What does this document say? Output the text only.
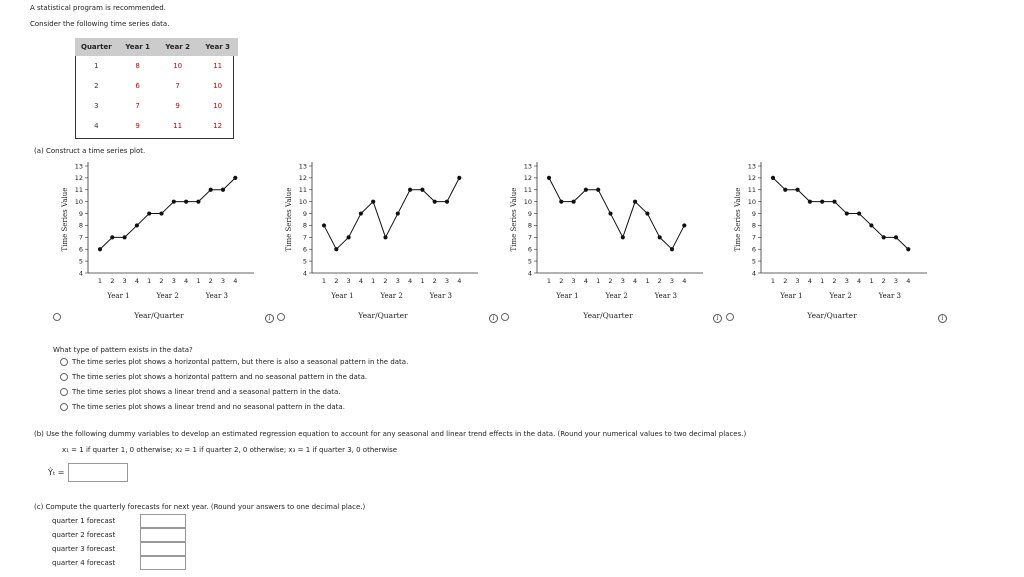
A statistical program is recommended.
Consider the following time series data.
Quarter	Year 1	Year 2	Year 3
1	8	10	11
2	6	7	10
3	7	9	10
4	9	11	12
(a) Construct a time series plot.
4
5
6
7
8
9
10
11
12
13
Time Series Value
1 2 3 4 1 2 3 4 1 2 3 4
Year 1	Year 2	Year 3
Year/Quarter
4
5
6
7
8
9
10
11
12
13
Time Series Value
1 2 3 4 1 2 3 4 1 2 3 4
Year 1	Year 2	Year 3
Year/Quarter
4
5
6
7
8
9
10
11
12
13
Time Series Value
1 2 3 4 1 2 3 4 1 2 3 4
Year 1	Year 2	Year 3
Year/Quarter
4
5
6
7
8
9
10
11
12
13
Time Series Value
1 2 3 4 1 2 3 4 1 2 3 4
Year 1	Year 2	Year 3
Year/Quarter
i	i	i	i
What type of pattern exists in the data?
The time series plot shows a horizontal pattern, but there is also a seasonal pattern in the data.
The time series plot shows a horizontal pattern and no seasonal pattern in the data.
The time series plot shows a linear trend and a seasonal pattern in the data.
The time series plot shows a linear trend and no seasonal pattern in the data.
(b) Use the following dummy variables to develop an estimated regression equation to account for any seasonal and linear trend effects in the data. (Round your numerical values to two decimal places.)
x₁ = 1 if quarter 1, 0 otherwise; x₂ = 1 if quarter 2, 0 otherwise; x₃ = 1 if quarter 3, 0 otherwise
Ŷₜ =
(c) Compute the quarterly forecasts for next year. (Round your answers to one decimal place.)
quarter 1 forecast
quarter 2 forecast
quarter 3 forecast
quarter 4 forecast
